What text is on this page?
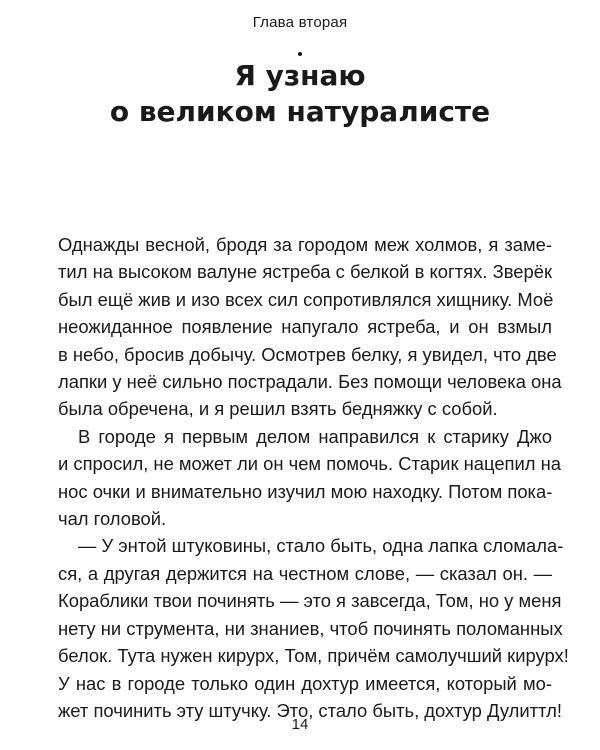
Глава вторая
Я узнаю
о великом натуралисте
Однажды весной, бродя за городом меж холмов, я заме-
тил на высоком валуне ястреба с белкой в когтях. Зверёк
был ещё жив и изо всех сил сопротивлялся хищнику. Моё
неожиданное появление напугало ястреба, и он взмыл
в небо, бросив добычу. Осмотрев белку, я увидел, что две
лапки у неё сильно пострадали. Без помощи человека она
была обречена, и я решил взять бедняжку с собой.
В городе я первым делом направился к старику Джо
и спросил, не может ли он чем помочь. Старик нацепил на
нос очки и внимательно изучил мою находку. Потом пока-
чал головой.
— У энтой штуковины, стало быть, одна лапка сломала-
ся, а другая держится на честном слове, — сказал он. —
Кораблики твои починять — это я завсегда, Том, но у меня
нету ни струмента, ни знаниев, чтоб починять поломанных
белок. Тута нужен кирурх, Том, причём самолучший кирурх!
У нас в городе только один дохтур имеется, который мо-
жет починить эту штучку. Это, стало быть, дохтур Дулиттл!
14
